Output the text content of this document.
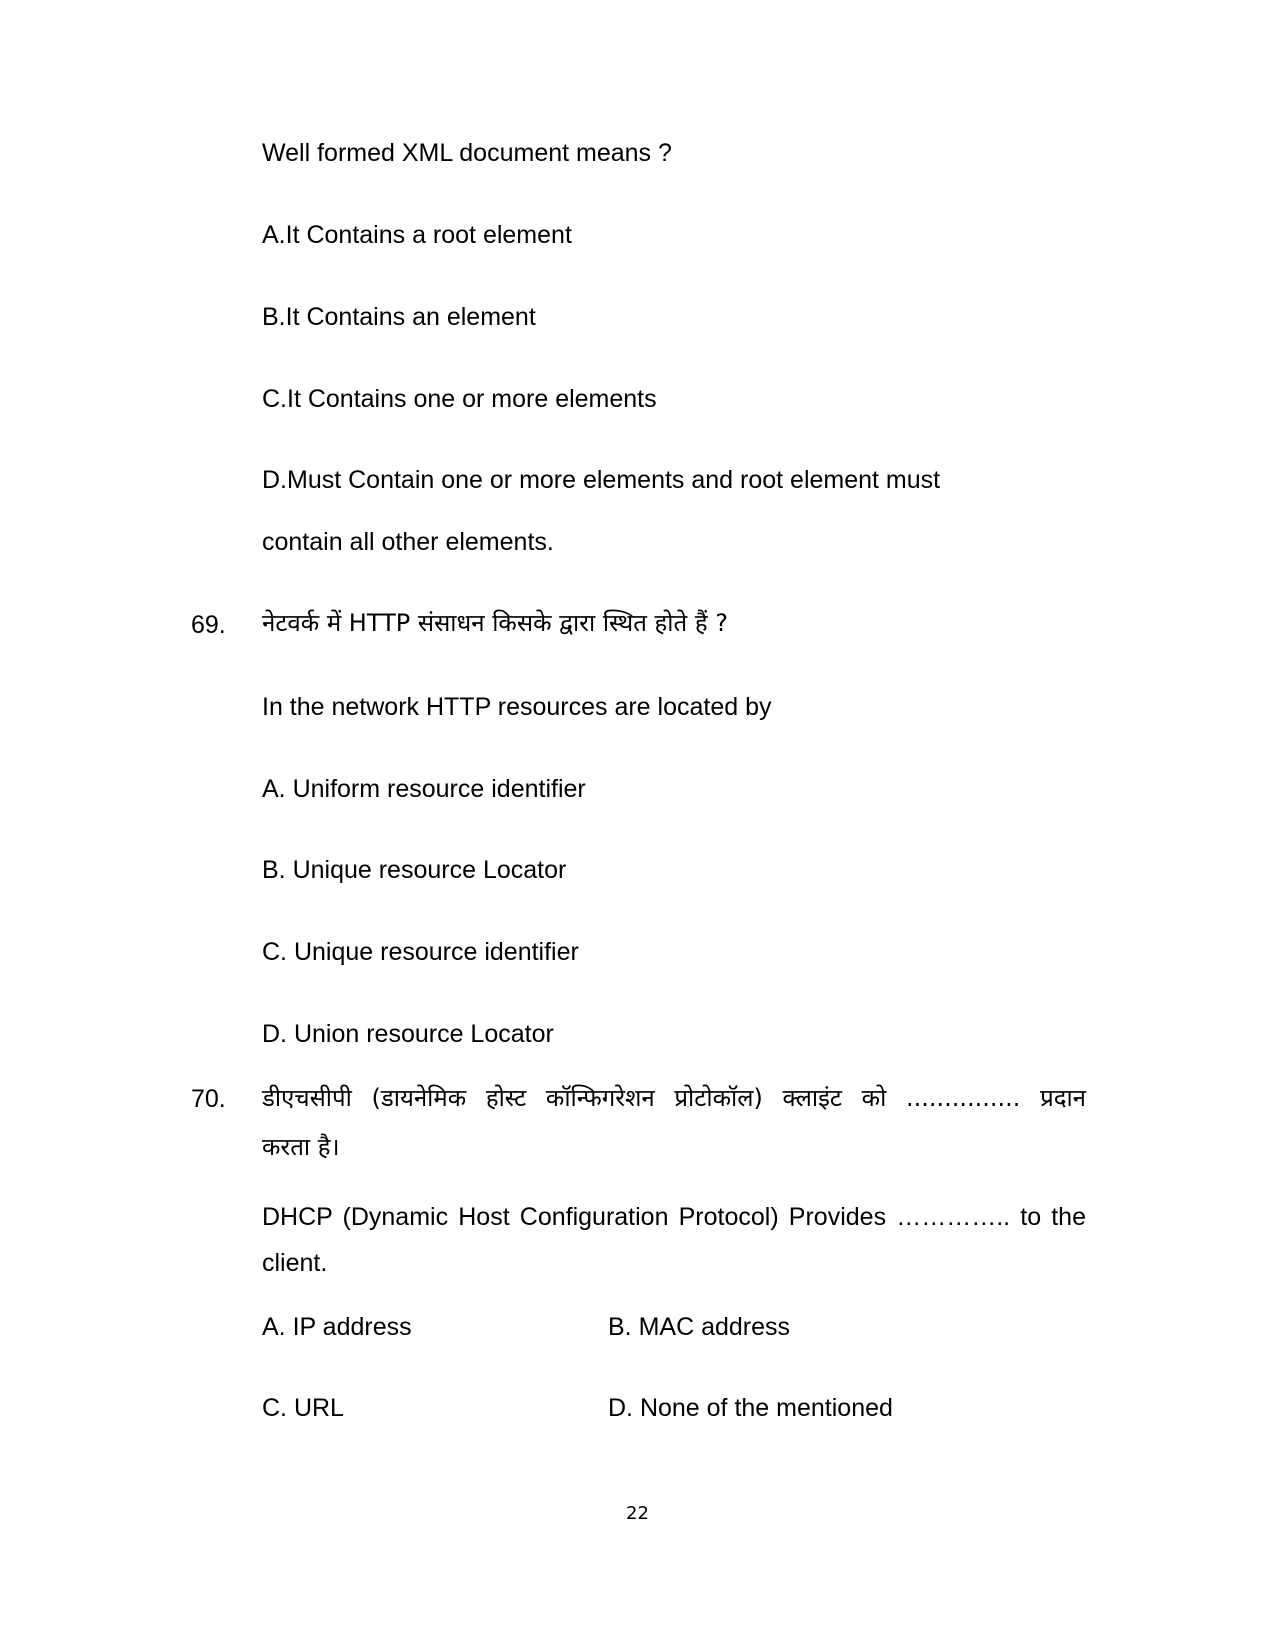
Well formed XML document means ?
A.It Contains a root element
B.It Contains an element
C.It Contains one or more elements
D.Must Contain one or more elements and root element must
contain all other elements.
69. नेटवर्क में HTTP संसाधन किसके द्वारा स्थित होते हैं ?
In the network HTTP resources are located by
A. Uniform resource identifier
B. Unique resource Locator
C. Unique resource identifier
D. Union resource Locator
70. डीएचसीपी (डायनेमिक होस्ट कॉन्फिगरेशन प्रोटोकॉल) क्लाइंट को ............... प्रदान
करता है।
DHCP (Dynamic Host Configuration Protocol) Provides ………….. to the client.
A. IP address	B. MAC address
C. URL	D. None of the mentioned
22
